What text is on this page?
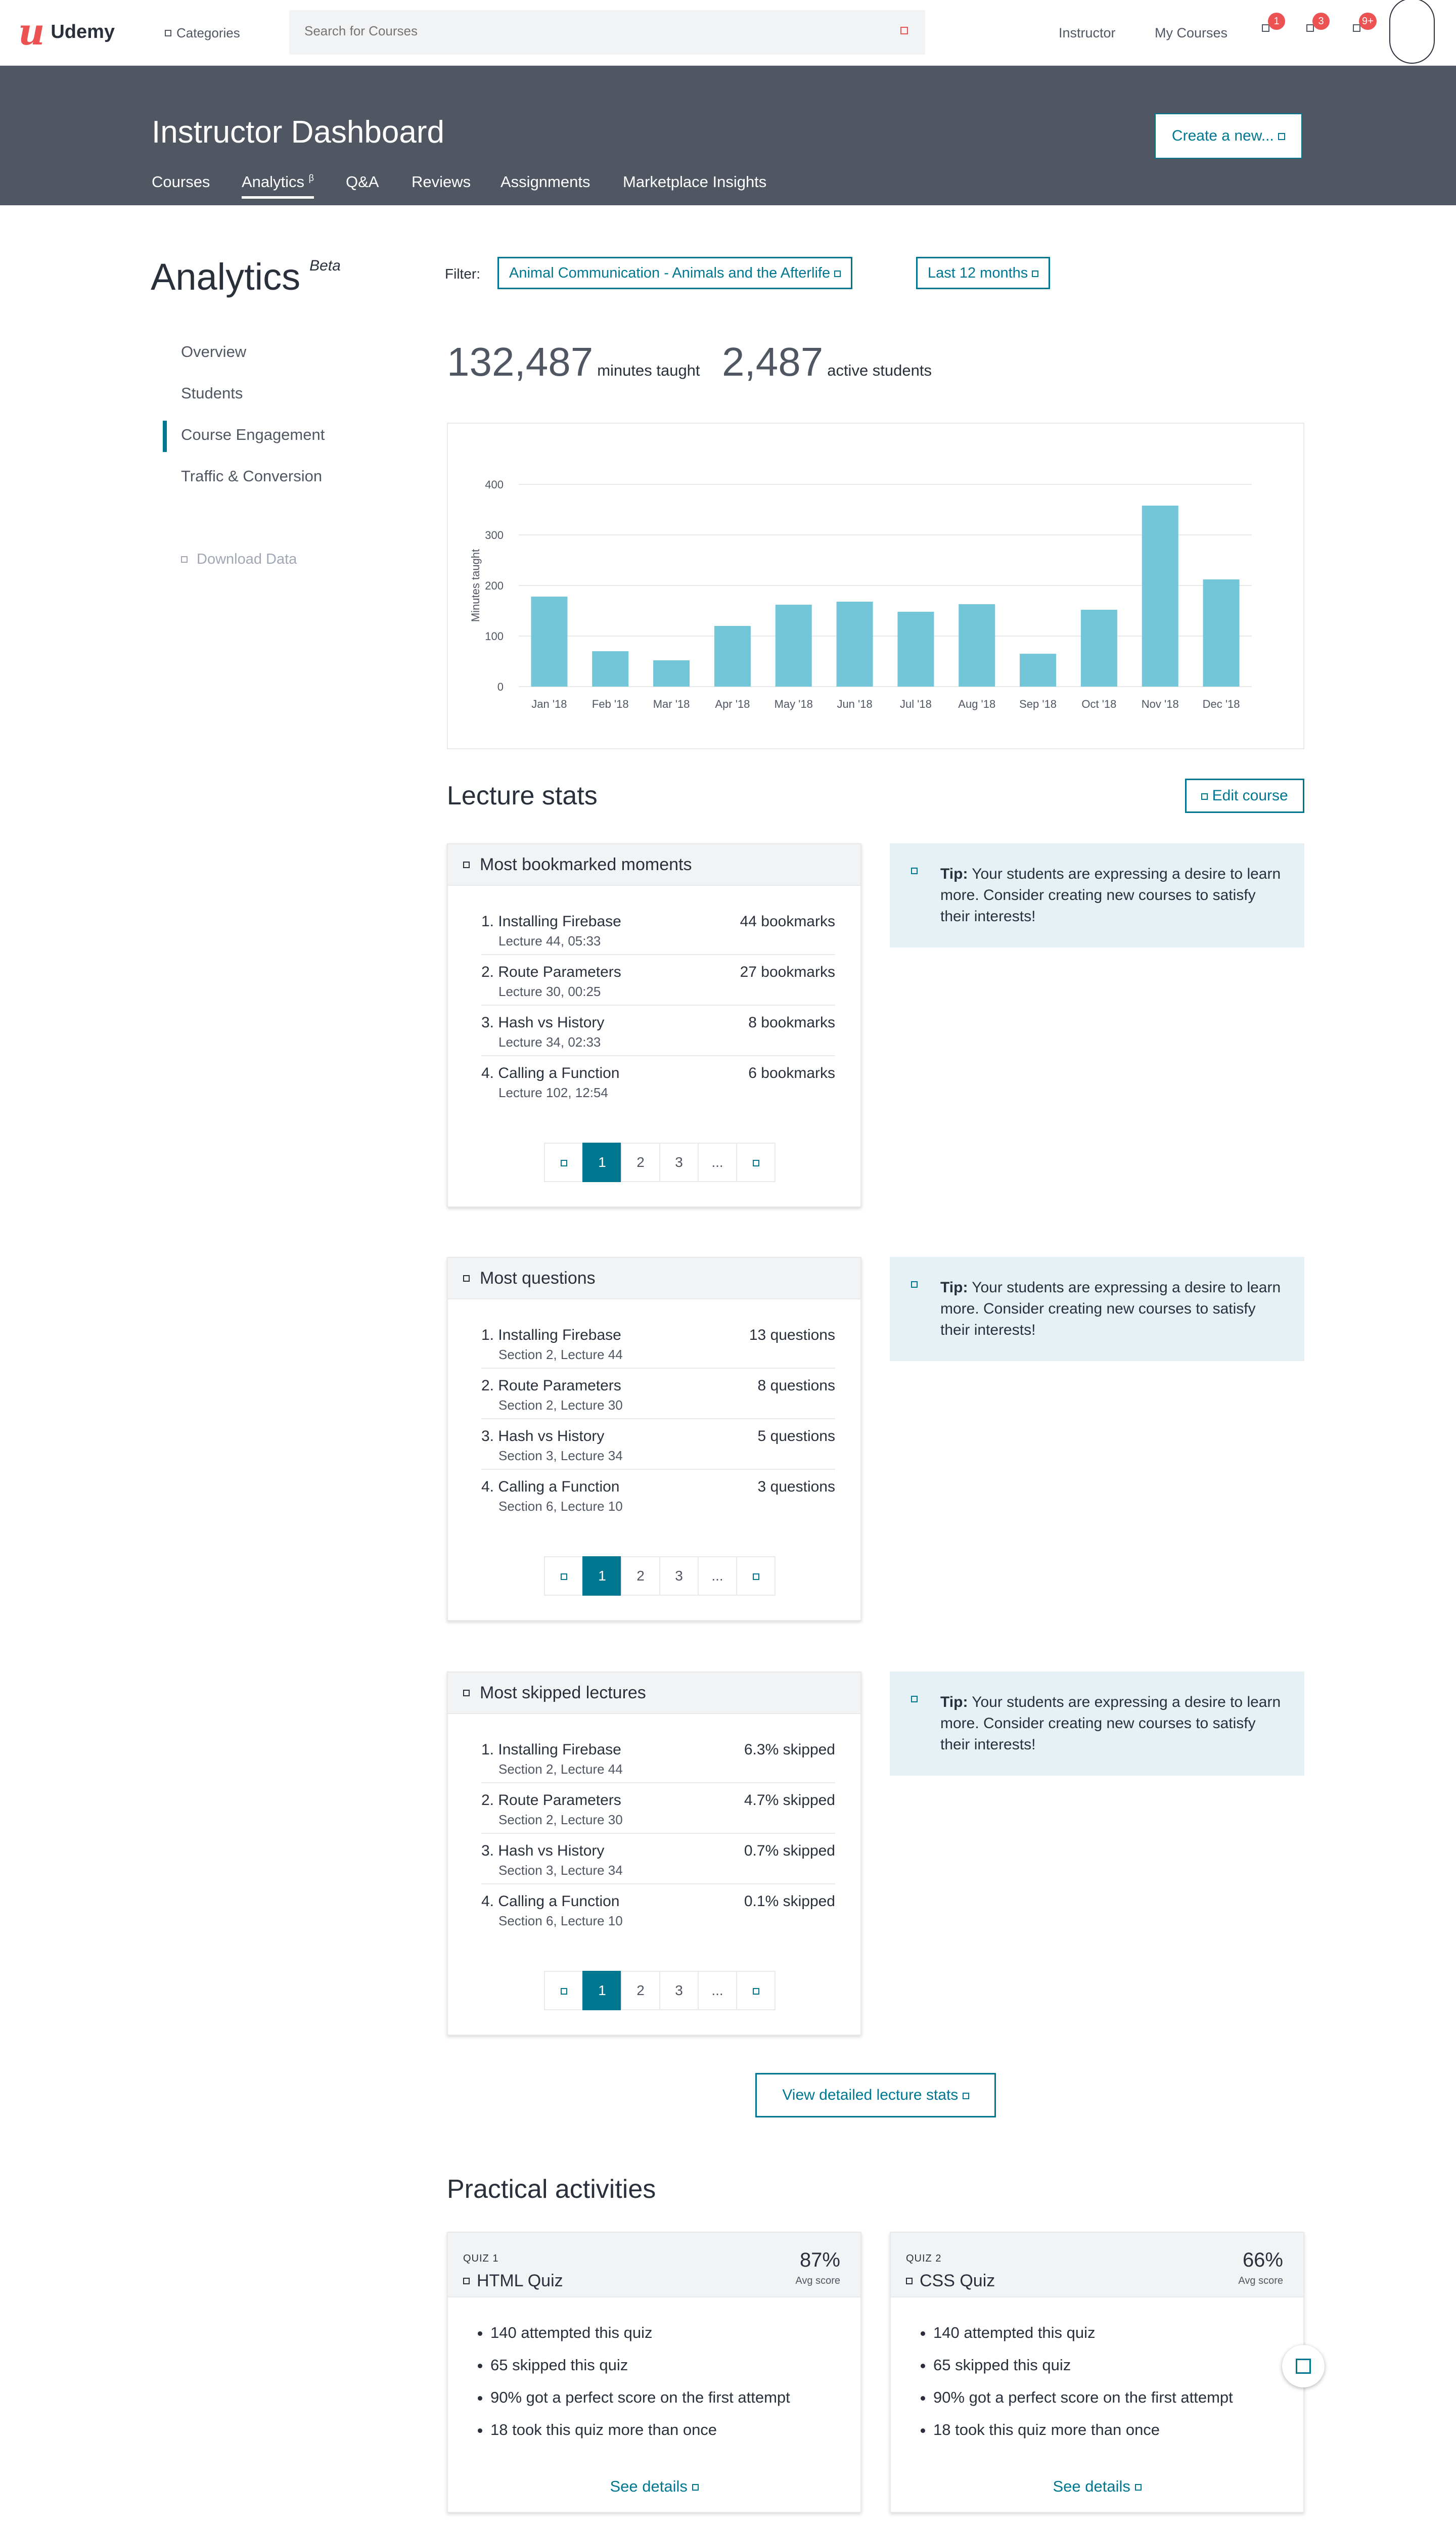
u Udemy	Categories
Search for Courses	Instructor	My Courses
1	3	9+
Instructor Dashboard	Create a new...
Courses Analytics $^\beta$ Q&A Reviews Assignments Marketplace Insights
Analytics $^{Beta}$
Overview
Students
Course Engagement
Traffic & Conversion
Download Data
Filter:	Animal Communication - Animals and the Afterlife	Last 12 months
132,487 minutes taught 2,487 active students
0
100
200
300
400
Minutes taught
Jan '18 Feb '18 Mar '18 Apr '18 May '18 Jun '18 Jul '18 Aug '18 Sep '18 Oct '18 Nov '18 Dec '18
Lecture stats	Edit course
Most bookmarked moments
1. Installing Firebase	44 bookmarks
Lecture 44, 05:33
2. Route Parameters	27 bookmarks
Lecture 30, 00:25
3. Hash vs History	8 bookmarks
Lecture 34, 02:33
4. Calling a Function	6 bookmarks
Lecture 102, 12:54
1	2	3	...
Tip: Your students are expressing a desire to learn more. Consider creating new courses to satisfy their interests!
Most questions
1. Installing Firebase	13 questions
Section 2, Lecture 44
2. Route Parameters	8 questions
Section 2, Lecture 30
3. Hash vs History	5 questions
Section 3, Lecture 34
4. Calling a Function	3 questions
Section 6, Lecture 10
1	2	3	...
Tip: Your students are expressing a desire to learn more. Consider creating new courses to satisfy their interests!
Most skipped lectures
1. Installing Firebase	6.3% skipped
Section 2, Lecture 44
2. Route Parameters	4.7% skipped
Section 2, Lecture 30
3. Hash vs History	0.7% skipped
Section 3, Lecture 34
4. Calling a Function	0.1% skipped
Section 6, Lecture 10
1	2	3	...
Tip: Your students are expressing a desire to learn more. Consider creating new courses to satisfy their interests!
View detailed lecture stats
Practical activities
QUIZ 1
HTML Quiz
87%
Avg score
• 140 attempted this quiz
• 65 skipped this quiz
• 90% got a perfect score on the first attempt
• 18 took this quiz more than once
See details
QUIZ 2
CSS Quiz
66%
Avg score
• 140 attempted this quiz
• 65 skipped this quiz
• 90% got a perfect score on the first attempt
• 18 took this quiz more than once
See details
